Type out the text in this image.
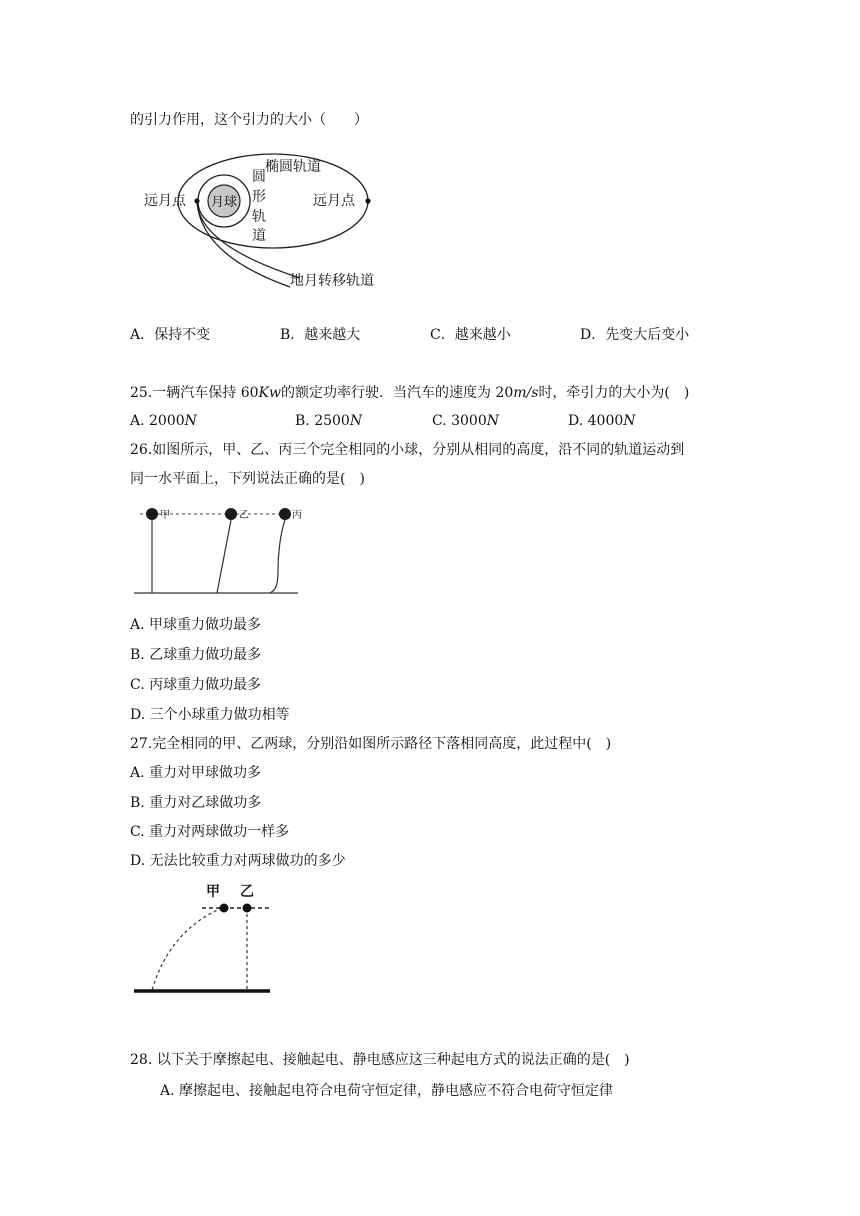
的引力作用，这个引力的大小（　　）
远月点	远月点
月球
椭圆轨道
圆
形
轨
道
地月转移轨道
A．保持不变	B．越来越大	C．越来越小	D．先变大后变小
25.一辆汽车保持 60Kw的额定功率行驶．当汽车的速度为 20m/s时，牵引力的大小为(　)
A. 2000N	B. 2500N	C. 3000N	D. 4000N
26.如图所示，甲、乙、丙三个完全相同的小球，分别从相同的高度，沿不同的轨道运动到
同一水平面上，下列说法正确的是(　)
甲	乙	丙
A. 甲球重力做功最多
B. 乙球重力做功最多
C. 丙球重力做功最多
D. 三个小球重力做功相等
27.完全相同的甲、乙两球，分别沿如图所示路径下落相同高度，此过程中(　)
A. 重力对甲球做功多
B. 重力对乙球做功多
C. 重力对两球做功一样多
D. 无法比较重力对两球做功的多少
甲 乙
28. 以下关于摩擦起电、接触起电、静电感应这三种起电方式的说法正确的是(　)
A. 摩擦起电、接触起电符合电荷守恒定律，静电感应不符合电荷守恒定律
